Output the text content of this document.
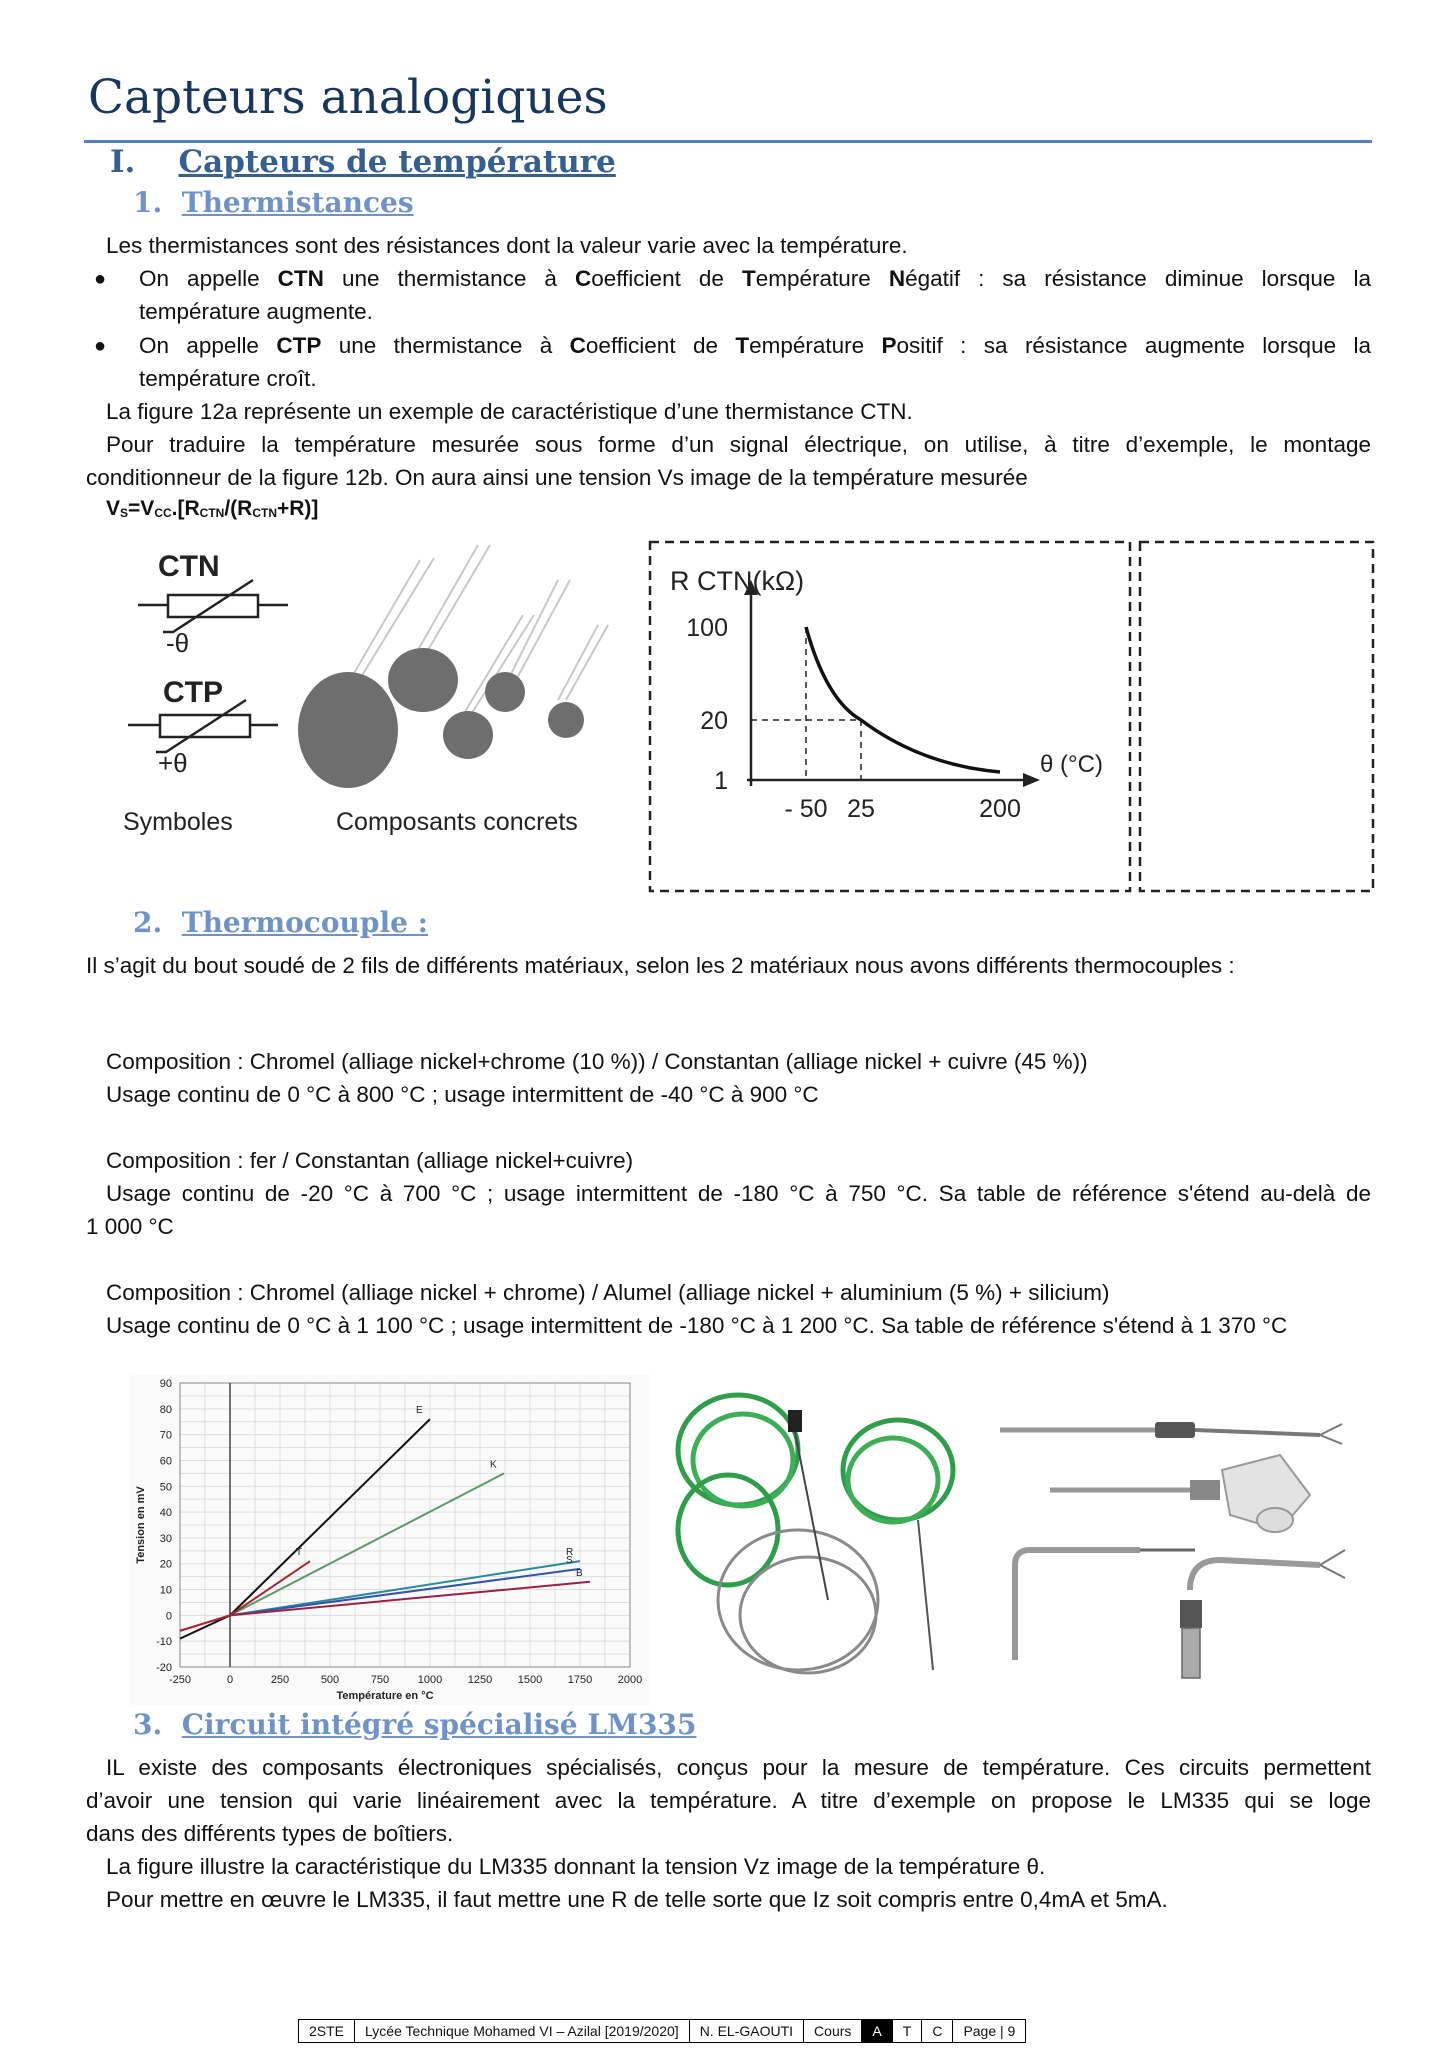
Capteurs analogiques
I. Capteurs de température
1. Thermistances
Les thermistances sont des résistances dont la valeur varie avec la température.
● On appelle CTN une thermistance à Coefficient de Température Négatif : sa résistance diminue lorsque la
température augmente.
● On appelle CTP une thermistance à Coefficient de Température Positif : sa résistance augmente lorsque la
température croît.
La figure 12a représente un exemple de caractéristique d’une thermistance CTN.
Pour traduire la température mesurée sous forme d’un signal électrique, on utilise, à titre d’exemple, le montage
conditionneur de la figure 12b. On aura ainsi une tension Vs image de la température mesurée
$V_S=V_{CC}.[R_{CTN}/(R_{CTN}+R)]$
CTN
-θ
CTP
+θ
Symboles	Composants concrets
R CTN(kΩ)
θ (°C)
100
20
1
- 50 25	200
2. Thermocouple :
Il s’agit du bout soudé de 2 fils de différents matériaux, selon les 2 matériaux nous avons différents thermocouples :
Composition : Chromel (alliage nickel+chrome (10 %)) / Constantan (alliage nickel + cuivre (45 %))
Usage continu de 0 °C à 800 °C ; usage intermittent de -40 °C à 900 °C
Composition : fer / Constantan (alliage nickel+cuivre)
Usage continu de -20 °C à 700 °C ; usage intermittent de -180 °C à 750 °C. Sa table de référence s'étend au-delà de
1 000 °C
Composition : Chromel (alliage nickel + chrome) / Alumel (alliage nickel + aluminium (5 %) + silicium)
Usage continu de 0 °C à 1 100 °C ; usage intermittent de -180 °C à 1 200 °C. Sa table de référence s'étend à 1 370 °C
-250	0	250	500	750	1000 1250 1500 1750 2000
90
80
70
60
50
40
30
20
10
0
-10
-20
Température en °C
Tension en mV
E
K
T	R
S
B
3. Circuit intégré spécialisé LM335
IL existe des composants électroniques spécialisés, conçus pour la mesure de température. Ces circuits permettent
d’avoir une tension qui varie linéairement avec la température. A titre d’exemple on propose le LM335 qui se loge
dans des différents types de boîtiers.
La figure illustre la caractéristique du LM335 donnant la tension Vz image de la température θ.
Pour mettre en œuvre le LM335, il faut mettre une R de telle sorte que Iz soit compris entre 0,4mA et 5mA.
2STE	Lycée Technique Mohamed VI – Azilal [2019/2020]	N. EL-GAOUTI	Cours	A	T	C	Page | 9
